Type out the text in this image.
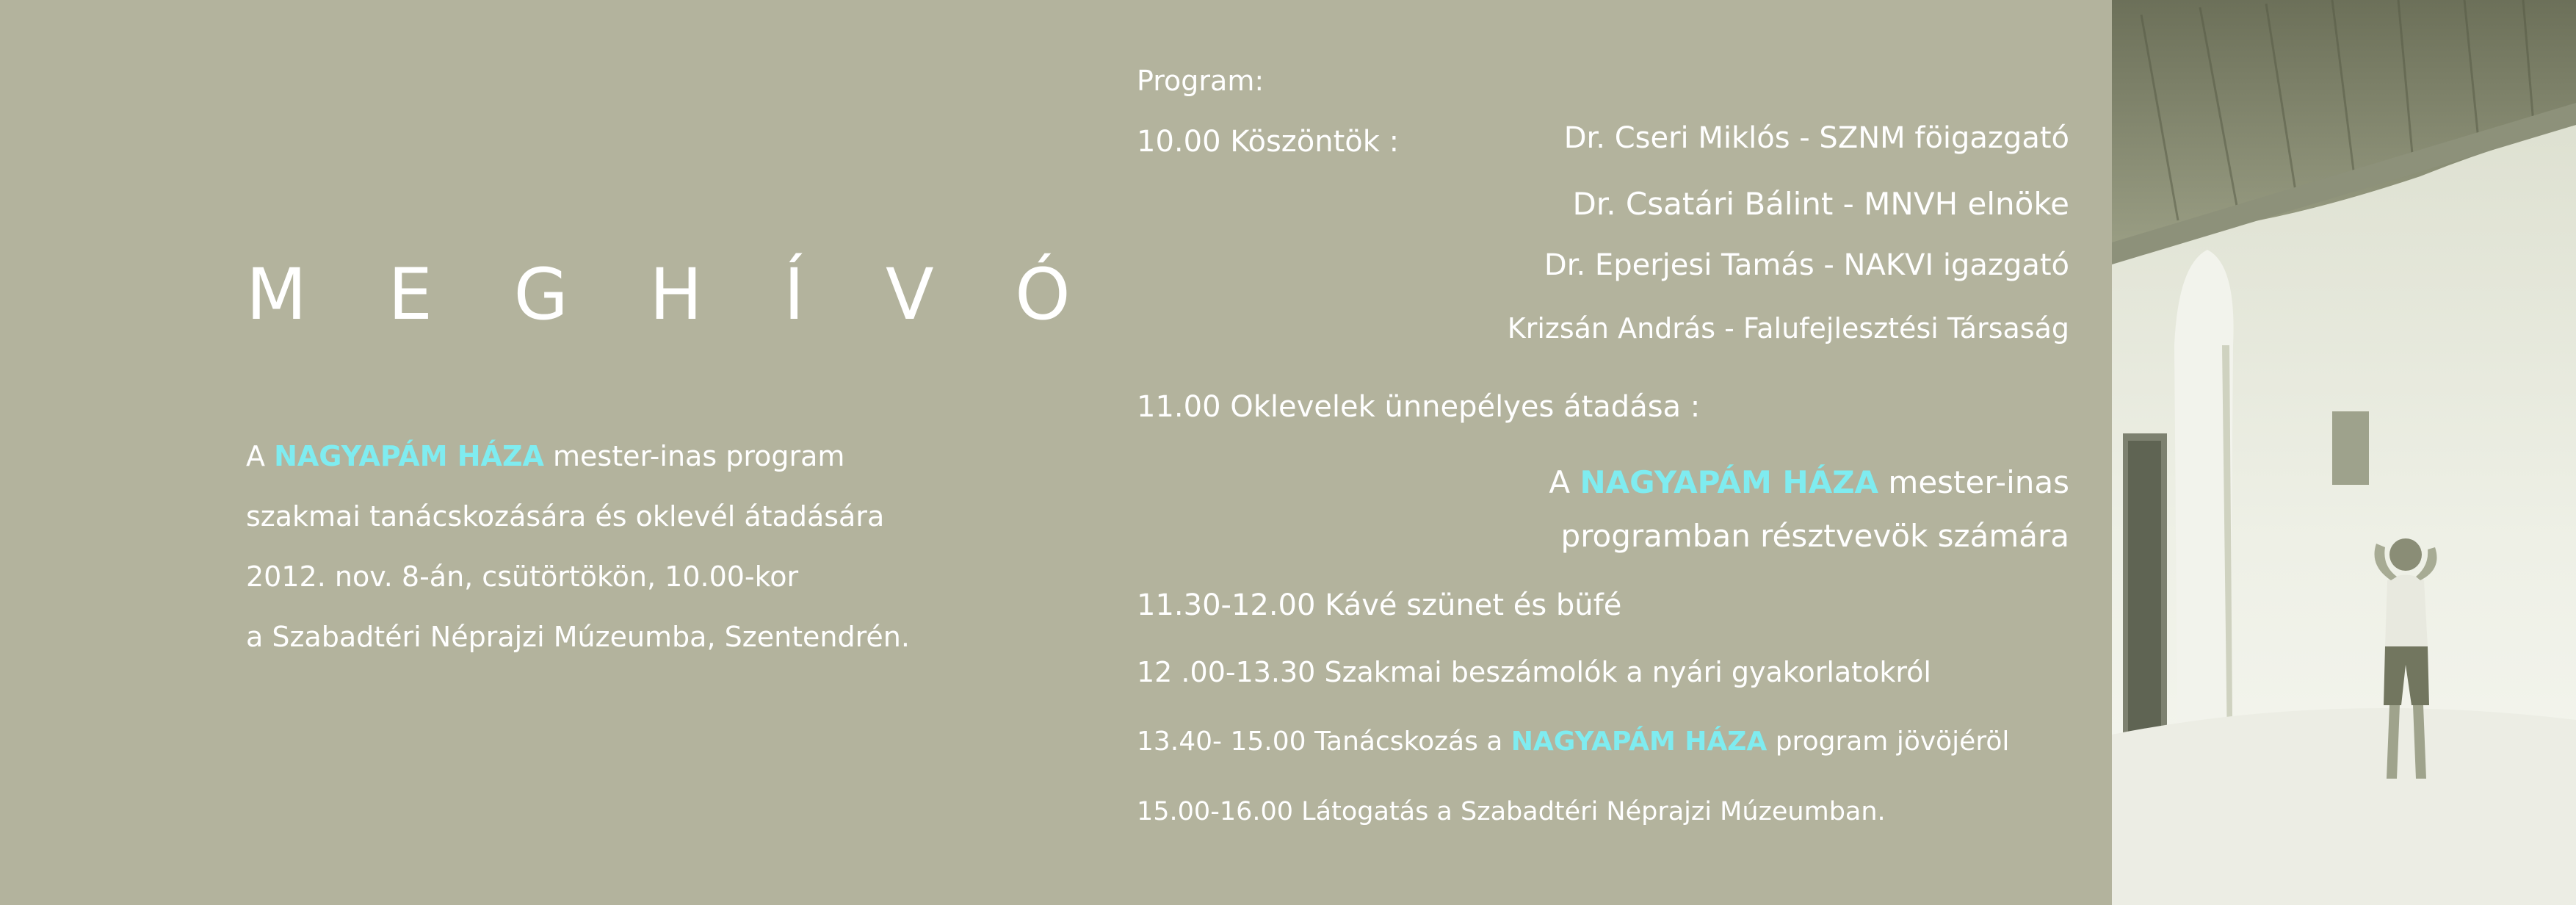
M E G H Í V Ó
A NAGYAPÁM HÁZA mester-inas program
szakmai tanácskozására és oklevél átadására
2012. nov. 8-án, csütörtökön, 10.00-kor
a Szabadtéri Néprajzi Múzeumba, Szentendrén.
Program:
10.00 Köszöntök :	Dr. Cseri Miklós - SZNM föigazgató
Dr. Csatári Bálint - MNVH elnöke
Dr. Eperjesi Tamás - NAKVI igazgató
Krizsán András - Falufejlesztési Társaság
11.00 Oklevelek ünnepélyes átadása :
A NAGYAPÁM HÁZA mester-inas
programban résztvevök számára
11.30-12.00 Kávé szünet és büfé
12 .00-13.30 Szakmai beszámolók a nyári gyakorlatokról
13.40- 15.00 Tanácskozás a NAGYAPÁM HÁZA program jövöjéröl
15.00-16.00 Látogatás a Szabadtéri Néprajzi Múzeumban.
